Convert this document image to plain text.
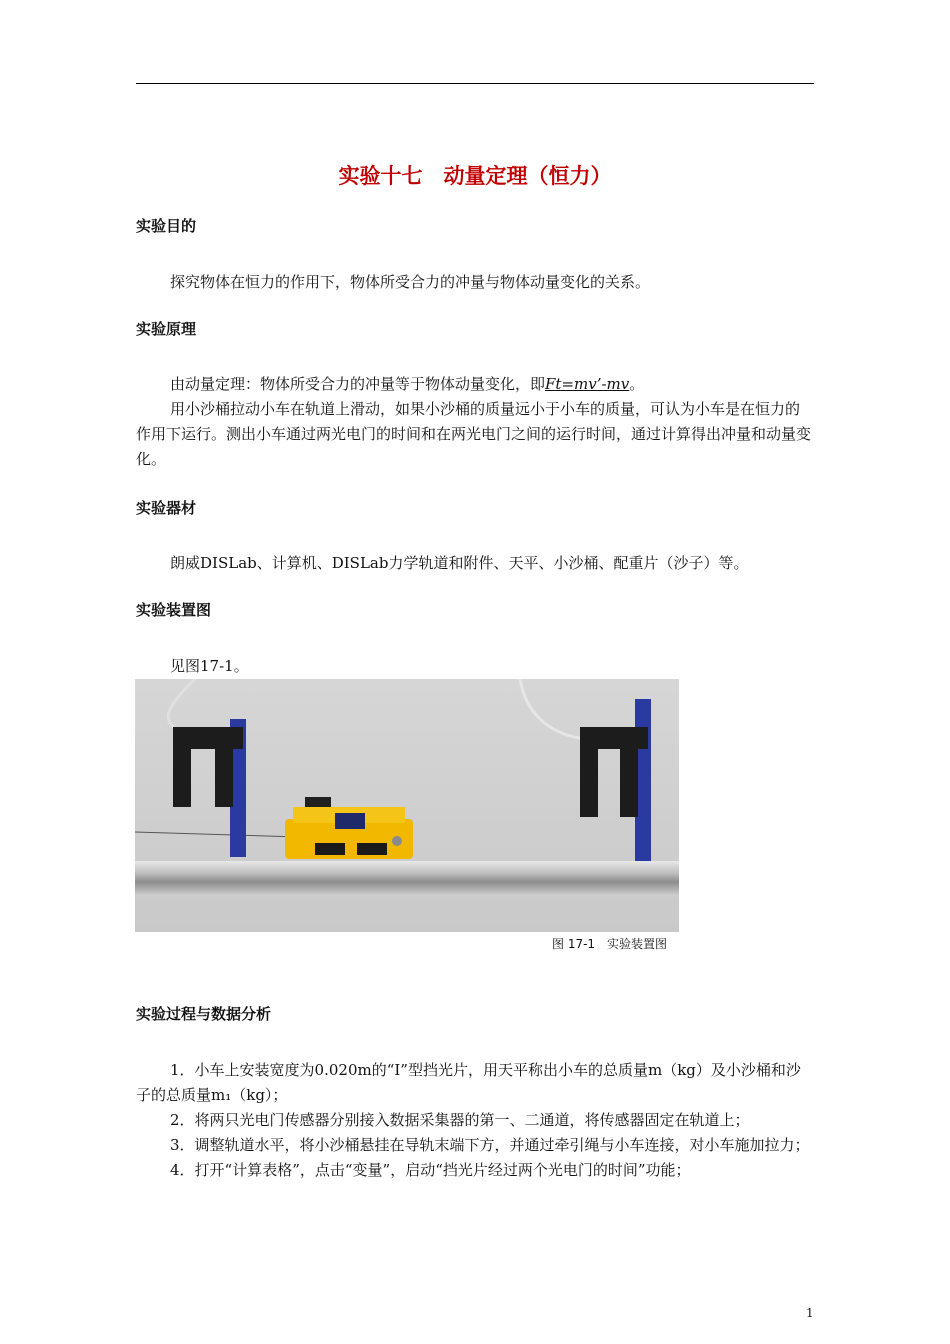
实验十七　动量定理（恒力）
实验目的

探究物体在恒力的作用下，物体所受合力的冲量与物体动量变化的关系。

实验原理

由动量定理：物体所受合力的冲量等于物体动量变化，即Ft=mv’-mv。

用小沙桶拉动小车在轨道上滑动，如果小沙桶的质量远小于小车的质量，可认为小车是在恒力的作用下运行。测出小车通过两光电门的时间和在两光电门之间的运行时间，通过计算得出冲量和动量变化。

实验器材

朗威DISLab、计算机、DISLab力学轨道和附件、天平、小沙桶、配重片（沙子）等。

实验装置图

见图17-1。

图 17-1　实验装置图
实验过程与数据分析

1．小车上安装宽度为0.020m的“I”型挡光片，用天平称出小车的总质量m（kg）及小沙桶和沙子的总质量m₁（kg）；

2．将两只光电门传感器分别接入数据采集器的第一、二通道，将传感器固定在轨道上；

3．调整轨道水平，将小沙桶悬挂在导轨末端下方，并通过牵引绳与小车连接，对小车施加拉力；

4．打开“计算表格”，点击“变量”，启动“挡光片经过两个光电门的时间”功能；

1
